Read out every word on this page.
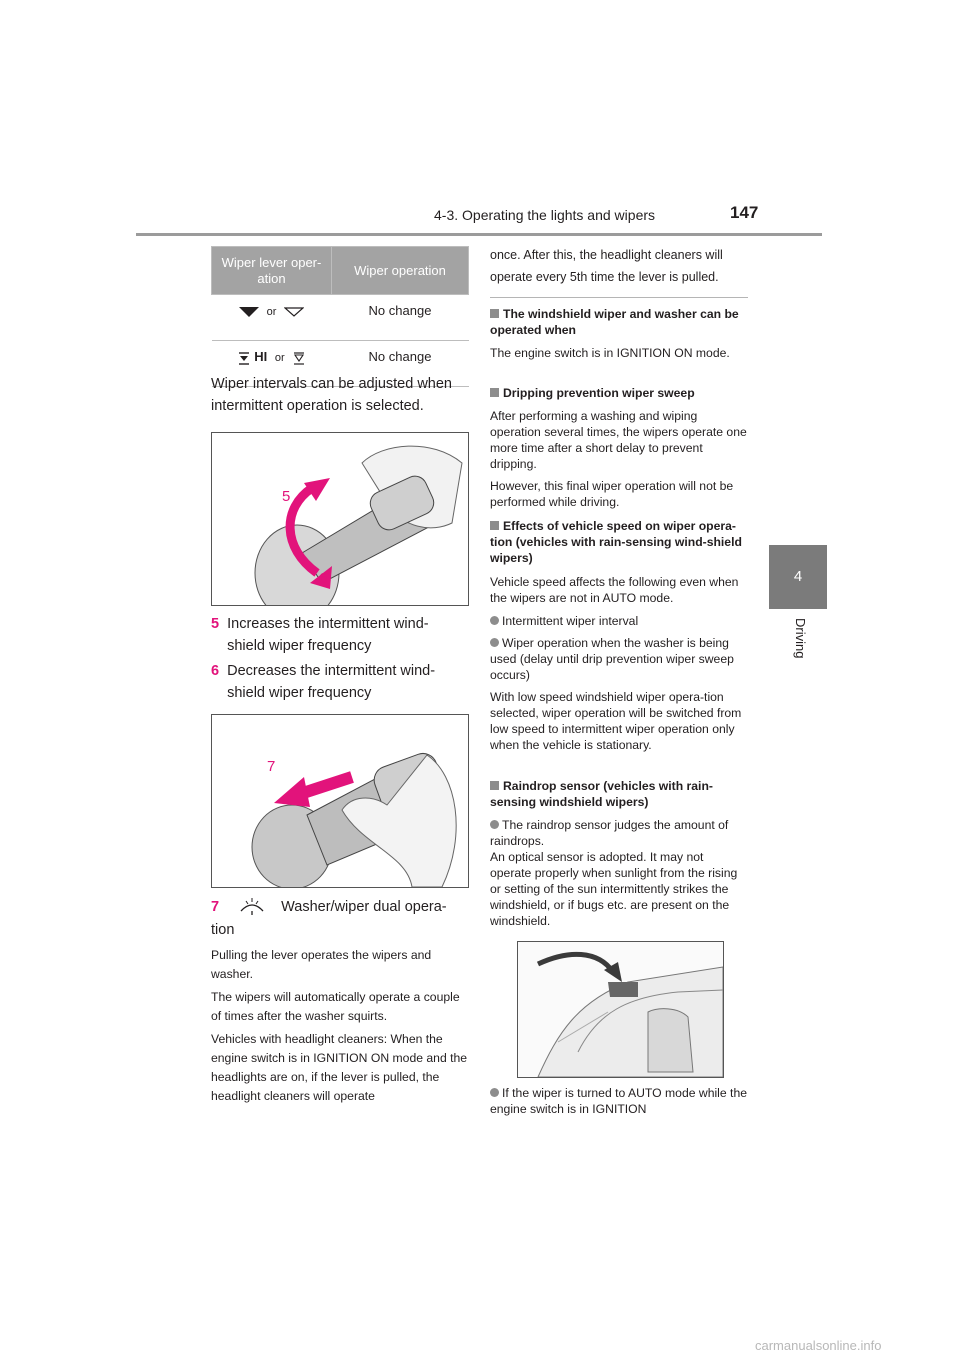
4-3. Operating the lights and wipers	147
4
Driving
Wiper lever oper-
ation	Wiper operation
or	No change
HI or	No change
Wiper intervals can be adjusted when intermittent operation is selected.
5
6
5 Increases the intermittent wind-
shield wiper frequency
6 Decreases the intermittent wind-
shield wiper frequency
7
7	Washer/wiper dual opera-
tion
Pulling the lever operates the wipers and washer.
The wipers will automatically operate a couple of times after the washer squirts.
Vehicles with headlight cleaners: When the engine switch is in IGNITION ON mode and the headlights are on, if the lever is pulled, the headlight cleaners will operate
once. After this, the headlight cleaners will operate every 5th time the lever is pulled.
The windshield wiper and washer can be operated when
The engine switch is in IGNITION ON mode.
Dripping prevention wiper sweep
After performing a washing and wiping operation several times, the wipers operate one more time after a short delay to prevent dripping.
However, this final wiper operation will not be performed while driving.
Effects of vehicle speed on wiper opera-tion (vehicles with rain-sensing wind-shield wipers)
Vehicle speed affects the following even when the wipers are not in AUTO mode.
Intermittent wiper interval
Wiper operation when the washer is being used (delay until drip prevention wiper sweep occurs)
With low speed windshield wiper opera-tion selected, wiper operation will be switched from low speed to intermittent wiper operation only when the vehicle is stationary.
Raindrop sensor (vehicles with rain-sensing windshield wipers)
The raindrop sensor judges the amount of raindrops.
An optical sensor is adopted. It may not operate properly when sunlight from the rising or setting of the sun intermittently strikes the windshield, or if bugs etc. are present on the windshield.
If the wiper is turned to AUTO mode while the engine switch is in IGNITION
carmanualsonline.info
